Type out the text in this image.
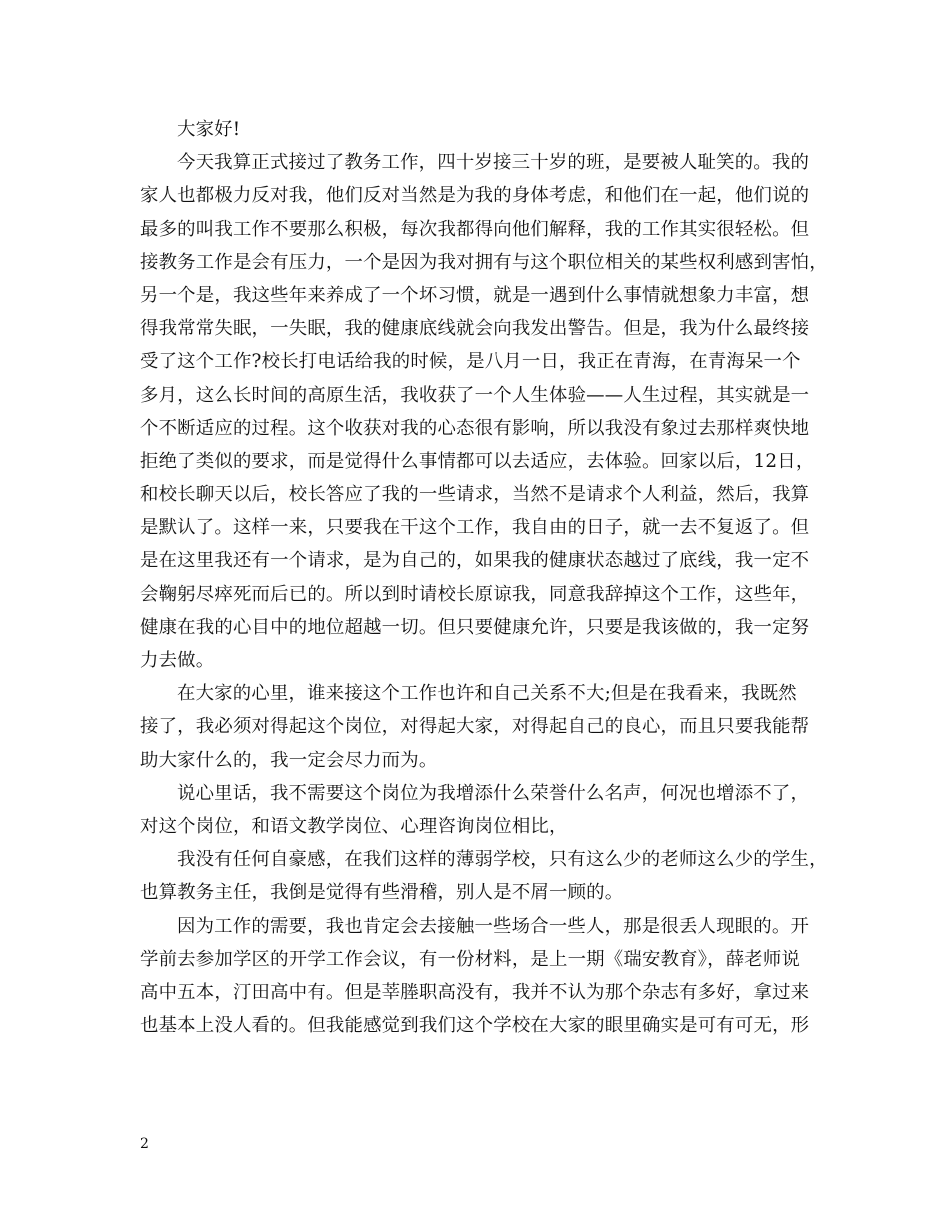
大家好!
今天我算正式接过了教务工作，四十岁接三十岁的班，是要被人耻笑的。我的
家人也都极力反对我，他们反对当然是为我的身体考虑，和他们在一起，他们说的
最多的叫我工作不要那么积极，每次我都得向他们解释，我的工作其实很轻松。但
接教务工作是会有压力，一个是因为我对拥有与这个职位相关的某些权利感到害怕，
另一个是，我这些年来养成了一个坏习惯，就是一遇到什么事情就想象力丰富，想
得我常常失眠，一失眠，我的健康底线就会向我发出警告。但是，我为什么最终接
受了这个工作?校长打电话给我的时候，是八月一日，我正在青海，在青海呆一个
多月，这么长时间的高原生活，我收获了一个人生体验——人生过程，其实就是一
个不断适应的过程。这个收获对我的心态很有影响，所以我没有象过去那样爽快地
拒绝了类似的要求，而是觉得什么事情都可以去适应，去体验。回家以后，12日，
和校长聊天以后，校长答应了我的一些请求，当然不是请求个人利益，然后，我算
是默认了。这样一来，只要我在干这个工作，我自由的日子，就一去不复返了。但
是在这里我还有一个请求，是为自己的，如果我的健康状态越过了底线，我一定不
会鞠躬尽瘁死而后已的。所以到时请校长原谅我，同意我辞掉这个工作，这些年，
健康在我的心目中的地位超越一切。但只要健康允许，只要是我该做的，我一定努
力去做。
在大家的心里，谁来接这个工作也许和自己关系不大;但是在我看来，我既然
接了，我必须对得起这个岗位，对得起大家，对得起自己的良心，而且只要我能帮
助大家什么的，我一定会尽力而为。
说心里话，我不需要这个岗位为我增添什么荣誉什么名声，何况也增添不了，
对这个岗位，和语文教学岗位、心理咨询岗位相比，
我没有任何自豪感，在我们这样的薄弱学校，只有这么少的老师这么少的学生，
也算教务主任，我倒是觉得有些滑稽，别人是不屑一顾的。
因为工作的需要，我也肯定会去接触一些场合一些人，那是很丢人现眼的。开
学前去参加学区的开学工作会议，有一份材料，是上一期《瑞安教育》，薛老师说
高中五本，汀田高中有。但是莘塍职高没有，我并不认为那个杂志有多好，拿过来
也基本上没人看的。但我能感觉到我们这个学校在大家的眼里确实是可有可无，形
2
